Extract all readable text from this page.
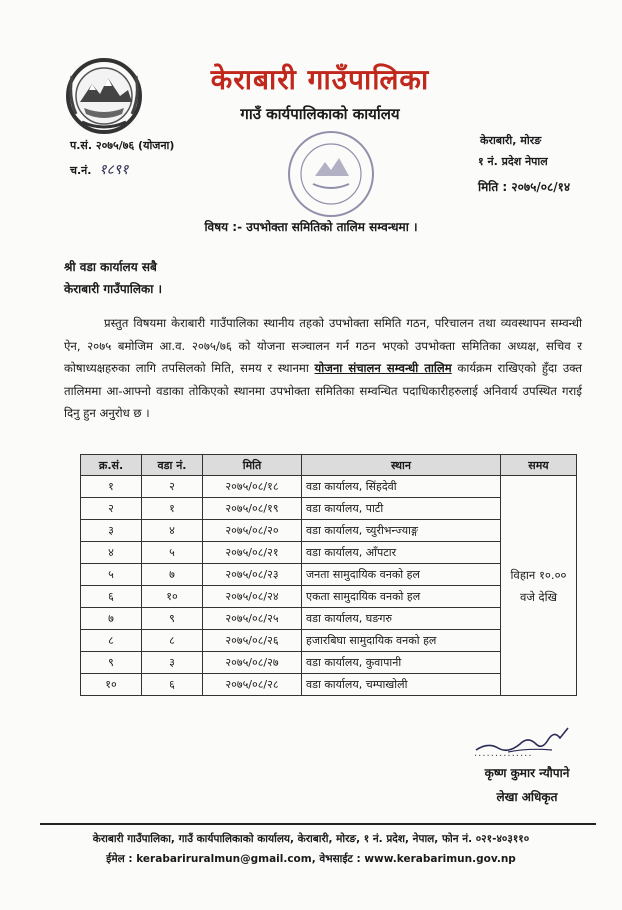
केराबारी गाउँपालिका
गाउँ कार्यपालिकाको कार्यालय
प.सं. २०७५/७६ (योजना)
च.नं. १८९१
केराबारी, मोरङ
१ नं. प्रदेश नेपाल
मिति : २०७५/०८/१४
विषय :- उपभोक्ता समितिको तालिम सम्वन्धमा ।
श्री वडा कार्यालय सबै
केराबारी गाउँपालिका ।
प्रस्तुत विषयमा केराबारी गाउँपालिका स्थानीय तहको उपभोक्ता समिति गठन, परिचालन तथा व्यवस्थापन सम्वन्धी ऐन, २०७५ बमोजिम आ.व. २०७५/७६ को योजना सञ्चालन गर्न गठन भएको उपभोक्ता समितिका अध्यक्ष, सचिव र कोषाध्यक्षहरुका लागि तपसिलको मिति, समय र स्थानमा योजना संचालन सम्वन्धी तालिम कार्यक्रम राखिएको हुँदा उक्त तालिममा आ-आफ्नो वडाका तोकिएको स्थानमा उपभोक्ता समितिका सम्वन्धित पदाधिकारीहरुलाई अनिवार्य उपस्थित गराई दिनु हुन अनुरोध छ ।
क्र.सं.	वडा नं.	मिति	स्थान	समय
१	२	२०७५/०८/१८	वडा कार्यालय, सिंहदेवी	विहान १०.००
वजे देखि
२	१	२०७५/०८/१९	वडा कार्यालय, पाटी	
३	४	२०७५/०८/२०	वडा कार्यालय, च्युरीभन्ज्याङ्ग	
४	५	२०७५/०८/२१	वडा कार्यालय, आँपटार	
५	७	२०७५/०८/२३	जनता सामुदायिक वनको हल	
६	१०	२०७५/०८/२४	एकता सामुदायिक वनको हल	
७	९	२०७५/०८/२५	वडा कार्यालय, घङगरु	
८	८	२०७५/०८/२६	हजारबिघा सामुदायिक वनको हल	
९	३	२०७५/०८/२७	वडा कार्यालय, कुवापानी	
१०	६	२०७५/०८/२८	वडा कार्यालय, चम्पाखोली	
..............
कृष्ण कुमार न्यौपाने
लेखा अधिकृत
केराबारी गाउँपालिका, गाउँ कार्यपालिकाको कार्यालय, केराबारी, मोरङ, १ नं. प्रदेश, नेपाल, फोन नं. ०२१-४०३११०
ईमेल : kerabariruralmun@gmail.com, वेभसाईट : www.kerabarimun.gov.np
